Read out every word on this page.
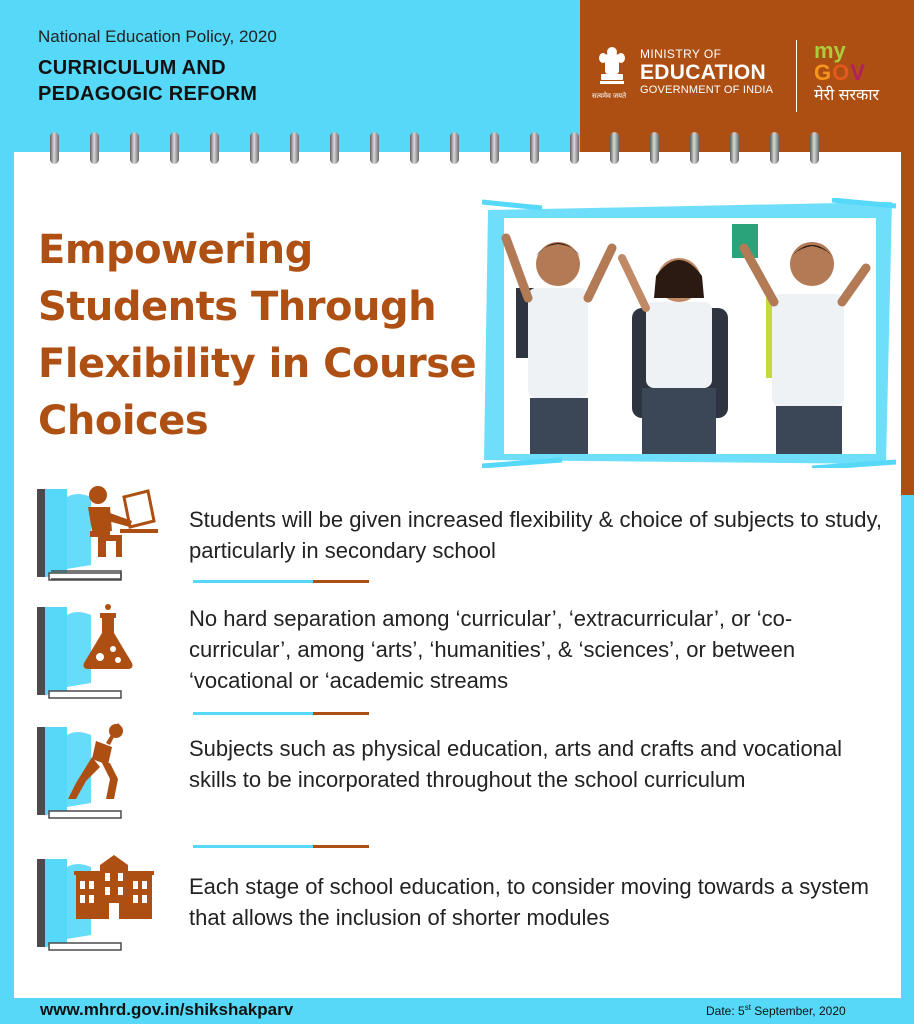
National Education Policy, 2020
CURRICULUM AND
PEDAGOGIC REFORM	सत्यमेव जयते
MINISTRY OF
EDUCATION
GOVERNMENT OF INDIA
my
GOV
मेरी सरकार
Empowering
Students Through
Flexibility in Course
Choices
Students will be given increased flexibility & choice of subjects to study, particularly in secondary school
No hard separation among ‘curricular’, ‘extracurricular’, or ‘co-curricular’, among ‘arts’, ‘humanities’, & ‘sciences’, or between ‘vocational or ‘academic streams
Subjects such as physical education, arts and crafts and vocational skills to be incorporated throughout the school curriculum
Each stage of school education, to consider moving towards a system that allows the inclusion of shorter modules
www.mhrd.gov.in/shikshakparv	Date: 5st September, 2020
